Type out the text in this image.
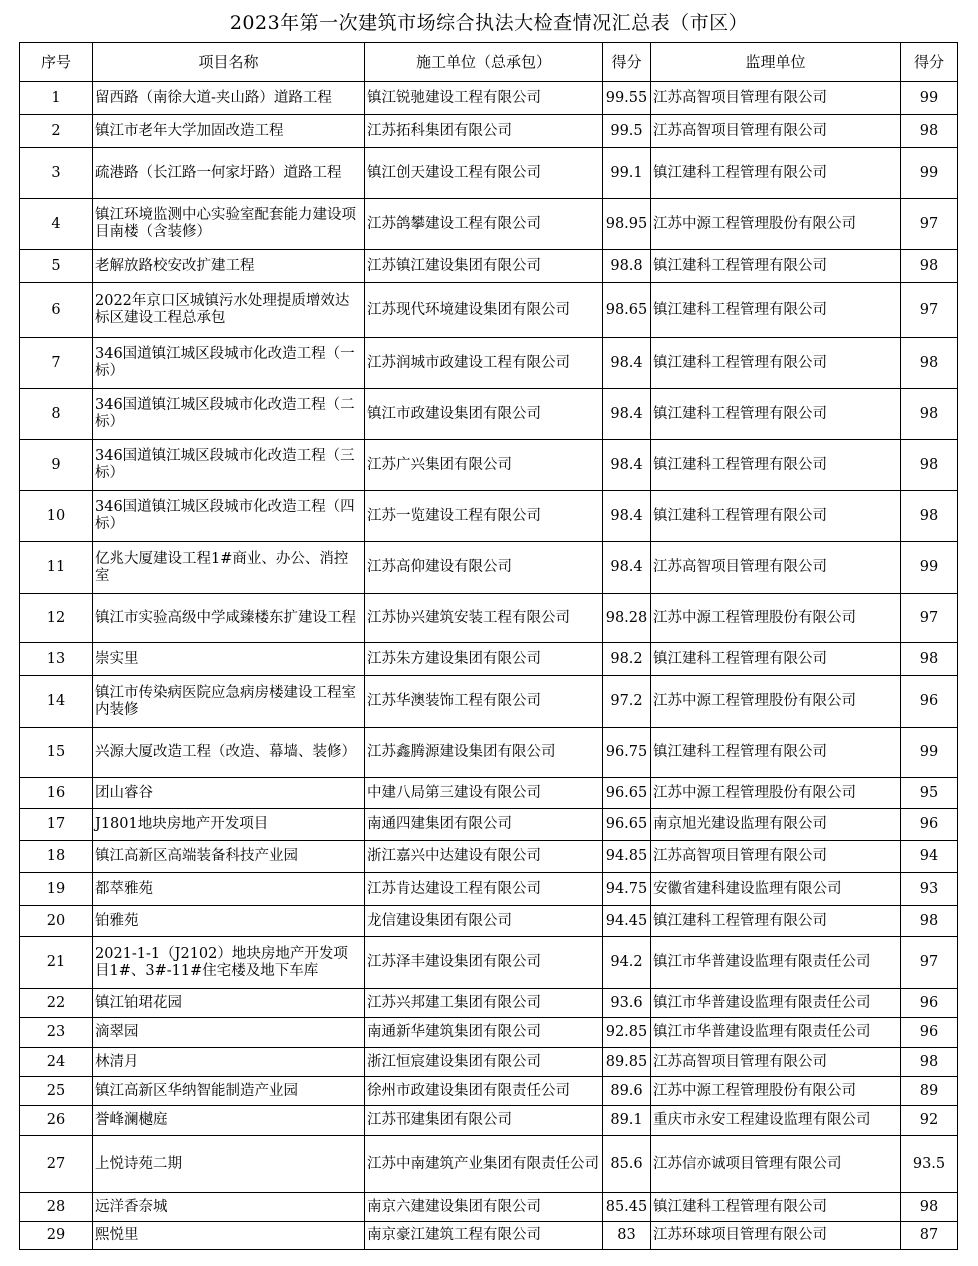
2023年第一次建筑市场综合执法大检查情况汇总表（市区）
序号	项目名称	施工单位（总承包）	得分	监理单位	得分
1	留西路（南徐大道-夹山路）道路工程	镇江锐驰建设工程有限公司	99.55	江苏高智项目管理有限公司	99
2	镇江市老年大学加固改造工程	江苏拓科集团有限公司	99.5	江苏高智项目管理有限公司	98
3	疏港路（长江路一何家圩路）道路工程	镇江创天建设工程有限公司	99.1	镇江建科工程管理有限公司	99
4	镇江环境监测中心实验室配套能力建设项目南楼（含装修）	江苏鸽攀建设工程有限公司	98.95	江苏中源工程管理股份有限公司	97
5	老解放路校安改扩建工程	江苏镇江建设集团有限公司	98.8	镇江建科工程管理有限公司	98
6	2022年京口区城镇污水处理提质增效达标区建设工程总承包	江苏现代环境建设集团有限公司	98.65	镇江建科工程管理有限公司	97
7	346国道镇江城区段城市化改造工程（一标）	江苏润城市政建设工程有限公司	98.4	镇江建科工程管理有限公司	98
8	346国道镇江城区段城市化改造工程（二标）	镇江市政建设集团有限公司	98.4	镇江建科工程管理有限公司	98
9	346国道镇江城区段城市化改造工程（三标）	江苏广兴集团有限公司	98.4	镇江建科工程管理有限公司	98
10	346国道镇江城区段城市化改造工程（四标）	江苏一览建设工程有限公司	98.4	镇江建科工程管理有限公司	98
11	亿兆大厦建设工程1#商业、办公、消控室	江苏高仰建设有限公司	98.4	江苏高智项目管理有限公司	99
12	镇江市实验高级中学咸臻楼东扩建设工程	江苏协兴建筑安装工程有限公司	98.28	江苏中源工程管理股份有限公司	97
13	崇实里	江苏朱方建设集团有限公司	98.2	镇江建科工程管理有限公司	98
14	镇江市传染病医院应急病房楼建设工程室内装修	江苏华澳装饰工程有限公司	97.2	江苏中源工程管理股份有限公司	96
15	兴源大厦改造工程（改造、幕墙、装修）	江苏鑫腾源建设集团有限公司	96.75	镇江建科工程管理有限公司	99
16	团山睿谷	中建八局第三建设有限公司	96.65	江苏中源工程管理股份有限公司	95
17	J1801地块房地产开发项目	南通四建集团有限公司	96.65	南京旭光建设监理有限公司	96
18	镇江高新区高端装备科技产业园	浙江嘉兴中达建设有限公司	94.85	江苏高智项目管理有限公司	94
19	都萃雅苑	江苏肯达建设工程有限公司	94.75	安徽省建科建设监理有限公司	93
20	铂雅苑	龙信建设集团有限公司	94.45	镇江建科工程管理有限公司	98
21	2021-1-1（J2102）地块房地产开发项目1#、3#-11#住宅楼及地下车库	江苏泽丰建设集团有限公司	94.2	镇江市华普建设监理有限责任公司	97
22	镇江铂珺花园	江苏兴邦建工集团有限公司	93.6	镇江市华普建设监理有限责任公司	96
23	滴翠园	南通新华建筑集团有限公司	92.85	镇江市华普建设监理有限责任公司	96
24	林清月	浙江恒宸建设集团有限公司	89.85	江苏高智项目管理有限公司	98
25	镇江高新区华纳智能制造产业园	徐州市政建设集团有限责任公司	89.6	江苏中源工程管理股份有限公司	89
26	誉峰澜樾庭	江苏邗建集团有限公司	89.1	重庆市永安工程建设监理有限公司	92
27	上悦诗苑二期	江苏中南建筑产业集团有限责任公司	85.6	江苏信亦诚项目管理有限公司	93.5
28	远洋香奈城	南京六建建设集团有限公司	85.45	镇江建科工程管理有限公司	98
29	熙悦里	南京豪江建筑工程有限公司	83	江苏环球项目管理有限公司	87
